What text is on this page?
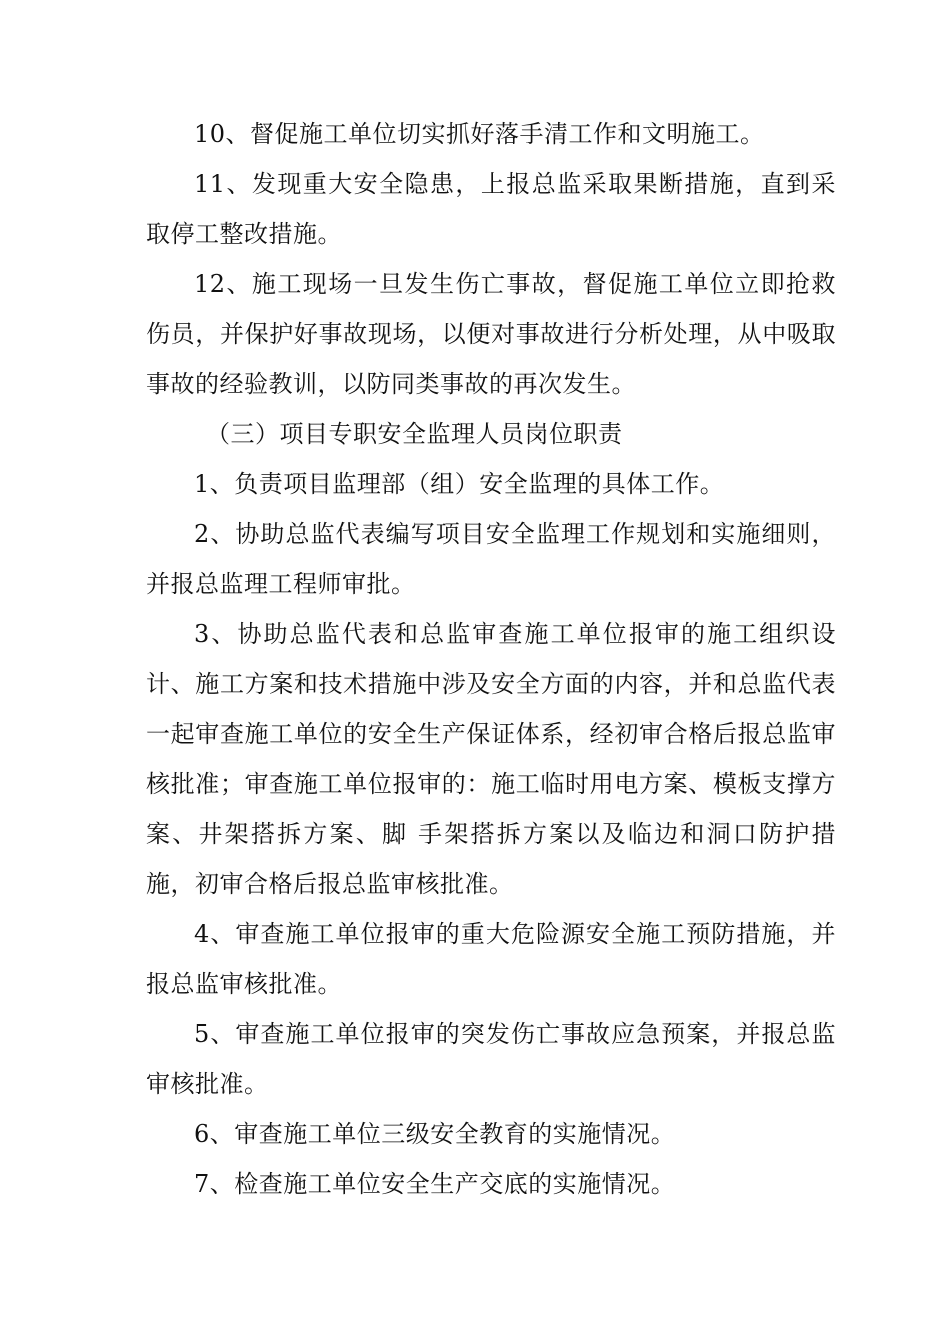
10、督促施工单位切实抓好落手清工作和文明施工。

11、发现重大安全隐患，上报总监采取果断措施，直到采取停工整改措施。

12、施工现场一旦发生伤亡事故，督促施工单位立即抢救伤员，并保护好事故现场，以便对事故进行分析处理，从中吸取事故的经验教训，以防同类事故的再次发生。

（三）项目专职安全监理人员岗位职责

1、负责项目监理部（组）安全监理的具体工作。

2、协助总监代表编写项目安全监理工作规划和实施细则，并报总监理工程师审批。

3、协助总监代表和总监审查施工单位报审的施工组织设计、施工方案和技术措施中涉及安全方面的内容，并和总监代表一起审查施工单位的安全生产保证体系，经初审合格后报总监审核批准；审查施工单位报审的：施工临时用电方案、模板支撑方案、井架搭拆方案、脚 手架搭拆方案以及临边和洞口防护措施，初审合格后报总监审核批准。

4、审查施工单位报审的重大危险源安全施工预防措施，并报总监审核批准。

5、审查施工单位报审的突发伤亡事故应急预案，并报总监审核批准。

6、审查施工单位三级安全教育的实施情况。

7、检查施工单位安全生产交底的实施情况。
